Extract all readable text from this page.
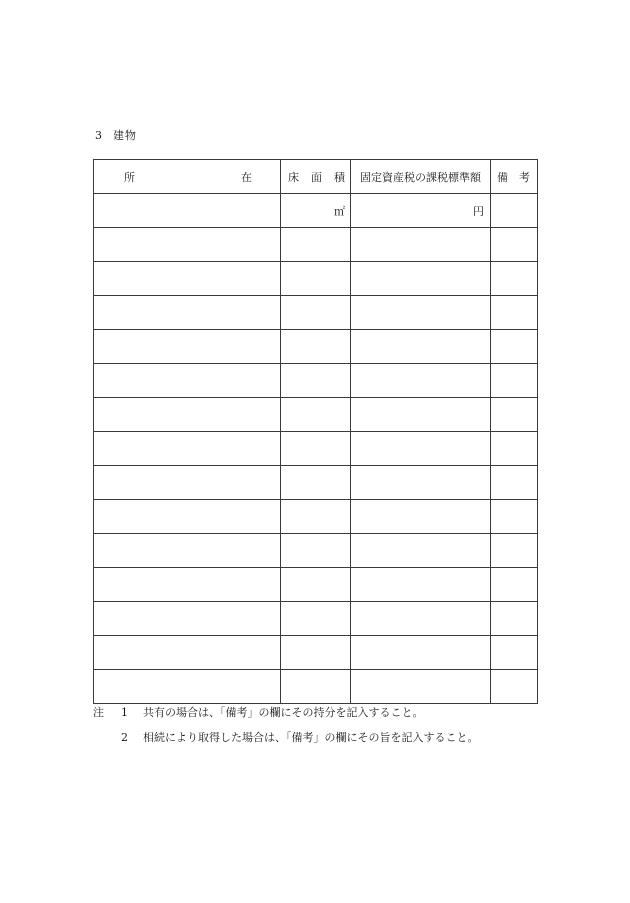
3 建物
所 在	床 面 積	固定資産税の課税標準額	備 考

	㎡	円	

注	1	共有の場合は、「備考」の欄にその持分を記入すること。
2	相続により取得した場合は、「備考」の欄にその旨を記入すること。
